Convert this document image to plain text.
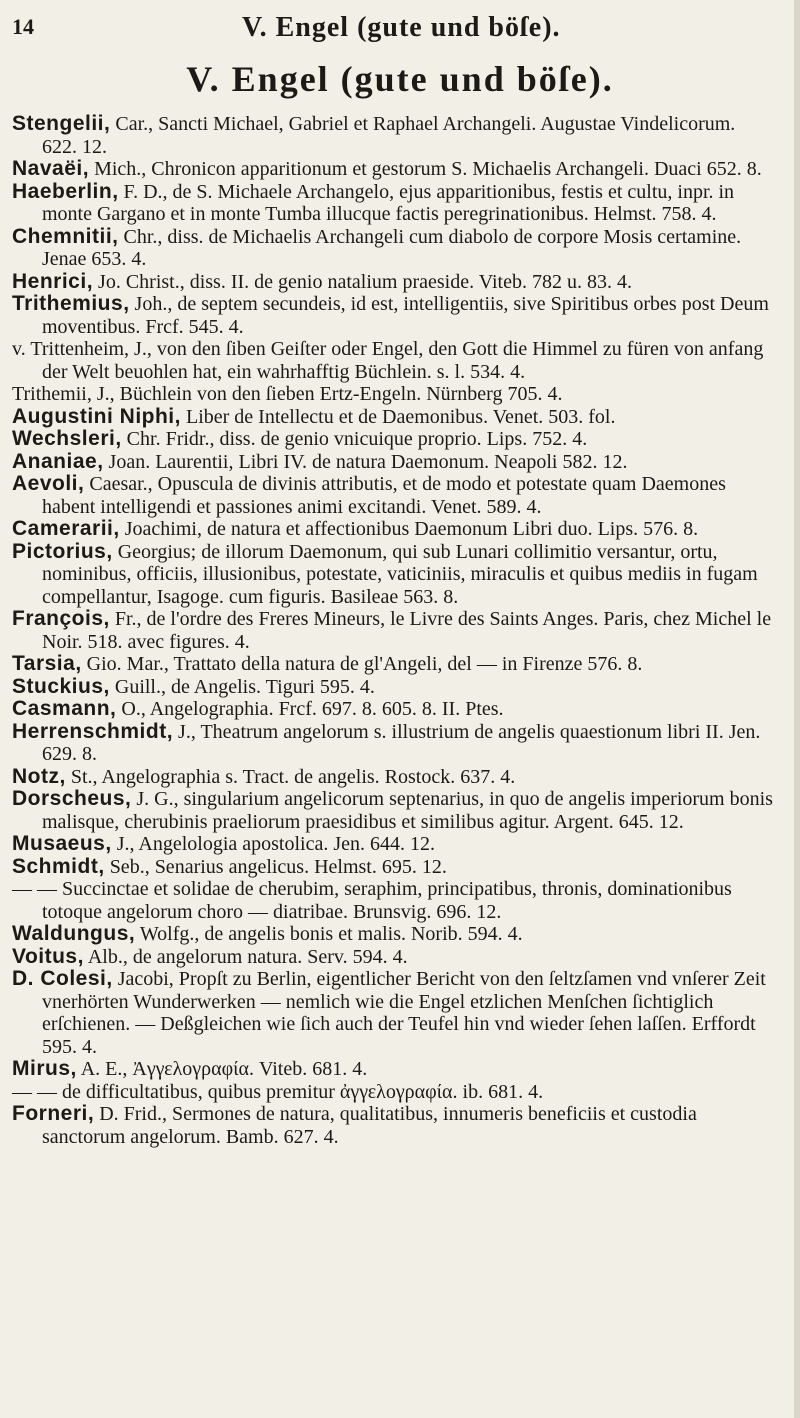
14	V. Engel (gute und böſe).
V. Engel (gute und böſe).

Stengelii, Car., Sancti Michael, Gabriel et Raphael Archangeli. Augustae Vindelicorum. 622. 12.

Navaëi, Mich., Chronicon apparitionum et gestorum S. Michaelis Archangeli. Duaci 652. 8.

Haeberlin, F. D., de S. Michaele Archangelo, ejus apparitionibus, festis et cultu, inpr. in monte Gargano et in monte Tumba illucque factis peregrinationibus. Helmst. 758. 4.

Chemnitii, Chr., diss. de Michaelis Archangeli cum diabolo de corpore Mosis certamine. Jenae 653. 4.

Henrici, Jo. Christ., diss. II. de genio natalium praeside. Viteb. 782 u. 83. 4.

Trithemius, Joh., de septem secundeis, id est, intelligentiis, sive Spiritibus orbes post Deum moventibus. Frcf. 545. 4.

v. Trittenheim, J., von den ſiben Geiſter oder Engel, den Gott die Himmel zu füren von anfang der Welt beuohlen hat, ein wahrhafftig Büchlein. s. l. 534. 4.

Trithemii, J., Büchlein von den ſieben Ertz-Engeln. Nürnberg 705. 4.

Augustini Niphi, Liber de Intellectu et de Daemonibus. Venet. 503. fol.

Wechsleri, Chr. Fridr., diss. de genio vnicuique proprio. Lips. 752. 4.

Ananiae, Joan. Laurentii, Libri IV. de natura Daemonum. Neapoli 582. 12.

Aevoli, Caesar., Opuscula de divinis attributis, et de modo et potestate quam Daemones habent intelligendi et passiones animi excitandi. Venet. 589. 4.

Camerarii, Joachimi, de natura et affectionibus Daemonum Libri duo. Lips. 576. 8.

Pictorius, Georgius; de illorum Daemonum, qui sub Lunari collimitio versantur, ortu, nominibus, officiis, illusionibus, potestate, vaticiniis, miraculis et quibus mediis in fugam compellantur, Isagoge. cum figuris. Basileae 563. 8.

François, Fr., de l'ordre des Freres Mineurs, le Livre des Saints Anges. Paris, chez Michel le Noir. 518. avec figures. 4.

Tarsia, Gio. Mar., Trattato della natura de gl'Angeli, del — in Firenze 576. 8.

Stuckius, Guill., de Angelis. Tiguri 595. 4.

Casmann, O., Angelographia. Frcf. 697. 8. 605. 8. II. Ptes.

Herrenschmidt, J., Theatrum angelorum s. illustrium de angelis quaestionum libri II. Jen. 629. 8.

Notz, St., Angelographia s. Tract. de angelis. Rostock. 637. 4.

Dorscheus, J. G., singularium angelicorum septenarius, in quo de angelis imperiorum bonis malisque, cherubinis praeliorum praesidibus et similibus agitur. Argent. 645. 12.

Musaeus, J., Angelologia apostolica. Jen. 644. 12.

Schmidt, Seb., Senarius angelicus. Helmst. 695. 12.

— — Succinctae et solidae de cherubim, seraphim, principatibus, thronis, dominationibus totoque angelorum choro — diatribae. Brunsvig. 696. 12.

Waldungus, Wolfg., de angelis bonis et malis. Norib. 594. 4.

Voitus, Alb., de angelorum natura. Serv. 594. 4.

D. Colesi, Jacobi, Propſt zu Berlin, eigentlicher Bericht von den ſeltzſamen vnd vnſerer Zeit vnerhörten Wunderwerken — nemlich wie die Engel etzlichen Menſchen ſichtiglich erſchienen. — Deßgleichen wie ſich auch der Teufel hin vnd wieder ſehen laſſen. Erffordt 595. 4.

Mirus, A. E., Ἀγγελογραφία. Viteb. 681. 4.

— — de difficultatibus, quibus premitur ἀγγελογραφία. ib. 681. 4.

Forneri, D. Frid., Sermones de natura, qualitatibus, innumeris beneficiis et custodia sanctorum angelorum. Bamb. 627. 4.
